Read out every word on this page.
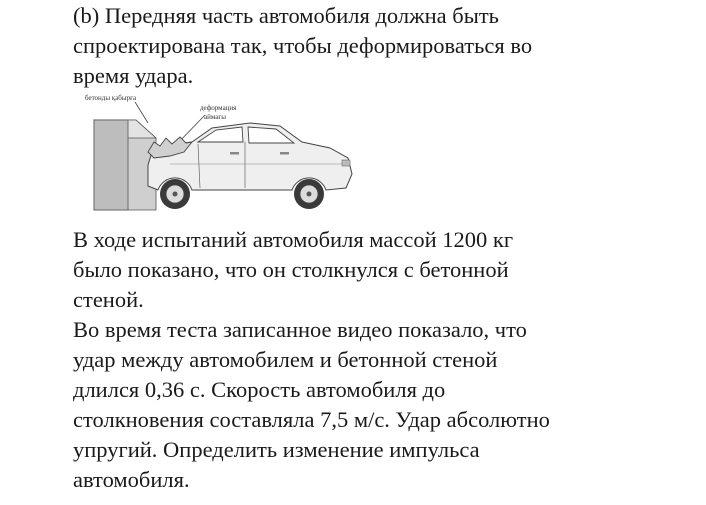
(b) Передняя часть автомобиля должна быть
спроектирована так, чтобы деформироваться во
время удара.

бетонды қабырға
деформация
аймағы

В ходе испытаний автомобиля массой 1200 кг
было показано, что он столкнулся с бетонной
стеной.
Во время теста записанное видео показало, что
удар между автомобилем и бетонной стеной
длился 0,36 с. Скорость автомобиля до
столкновения составляла 7,5 м/с. Удар абсолютно
упругий. Определить изменение импульса
автомобиля.
